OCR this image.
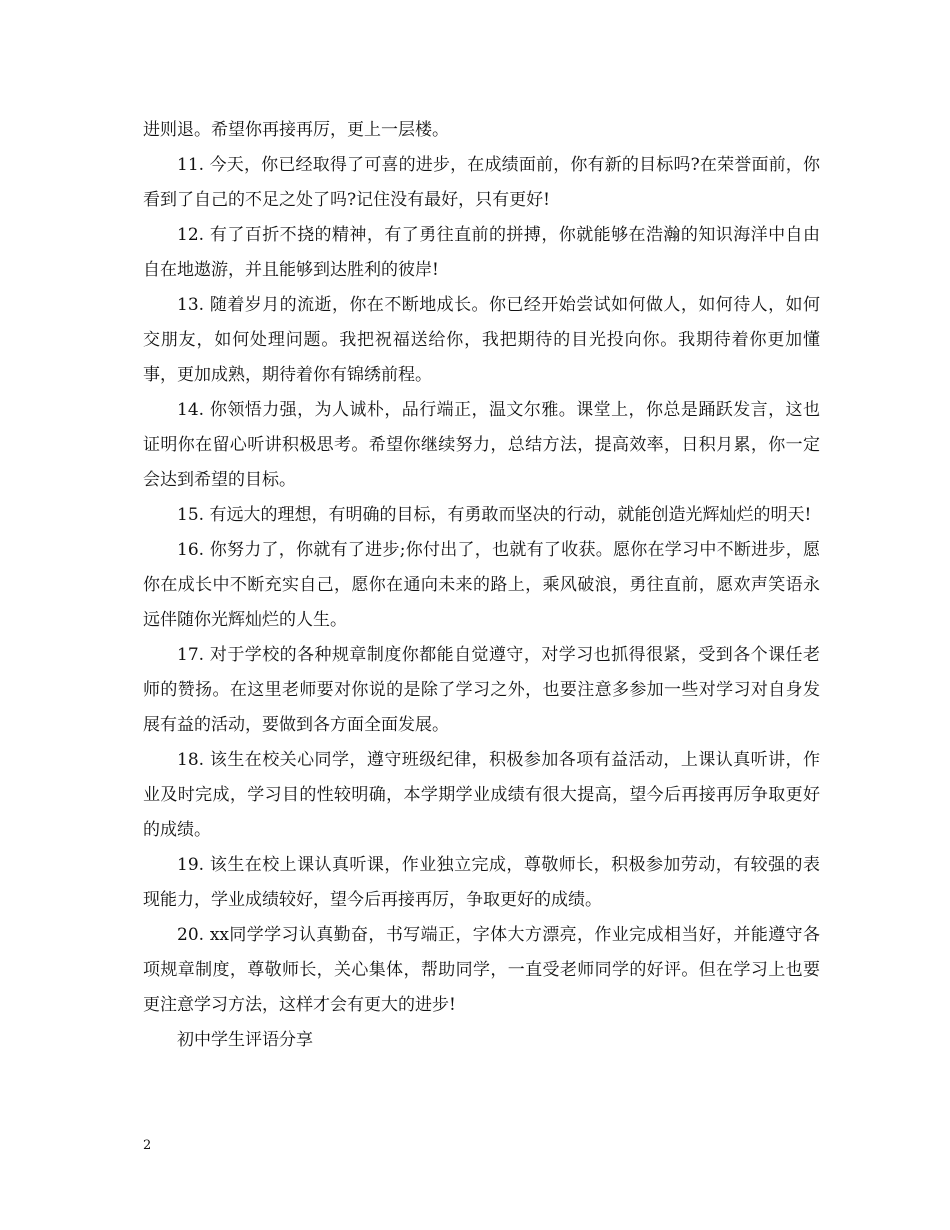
进则退。希望你再接再厉，更上一层楼。

11. 今天，你已经取得了可喜的进步，在成绩面前，你有新的目标吗?在荣誉面前，你看到了自己的不足之处了吗?记住没有最好，只有更好!

12. 有了百折不挠的精神，有了勇往直前的拼搏，你就能够在浩瀚的知识海洋中自由自在地遨游，并且能够到达胜利的彼岸!

13. 随着岁月的流逝，你在不断地成长。你已经开始尝试如何做人，如何待人，如何交朋友，如何处理问题。我把祝福送给你，我把期待的目光投向你。我期待着你更加懂事，更加成熟，期待着你有锦绣前程。

14. 你领悟力强，为人诚朴，品行端正，温文尔雅。课堂上，你总是踊跃发言，这也证明你在留心听讲积极思考。希望你继续努力，总结方法，提高效率，日积月累，你一定会达到希望的目标。

15. 有远大的理想，有明确的目标，有勇敢而坚决的行动，就能创造光辉灿烂的明天!

16. 你努力了，你就有了进步;你付出了，也就有了收获。愿你在学习中不断进步，愿你在成长中不断充实自己，愿你在通向未来的路上，乘风破浪，勇往直前，愿欢声笑语永远伴随你光辉灿烂的人生。

17. 对于学校的各种规章制度你都能自觉遵守，对学习也抓得很紧，受到各个课任老师的赞扬。在这里老师要对你说的是除了学习之外，也要注意多参加一些对学习对自身发展有益的活动，要做到各方面全面发展。

18. 该生在校关心同学，遵守班级纪律，积极参加各项有益活动，上课认真听讲，作业及时完成，学习目的性较明确，本学期学业成绩有很大提高，望今后再接再厉争取更好的成绩。

19. 该生在校上课认真听课，作业独立完成，尊敬师长，积极参加劳动，有较强的表现能力，学业成绩较好，望今后再接再厉，争取更好的成绩。

20. xx同学学习认真勤奋，书写端正，字体大方漂亮，作业完成相当好，并能遵守各项规章制度，尊敬师长，关心集体，帮助同学，一直受老师同学的好评。但在学习上也要更注意学习方法，这样才会有更大的进步!

初中学生评语分享

2
